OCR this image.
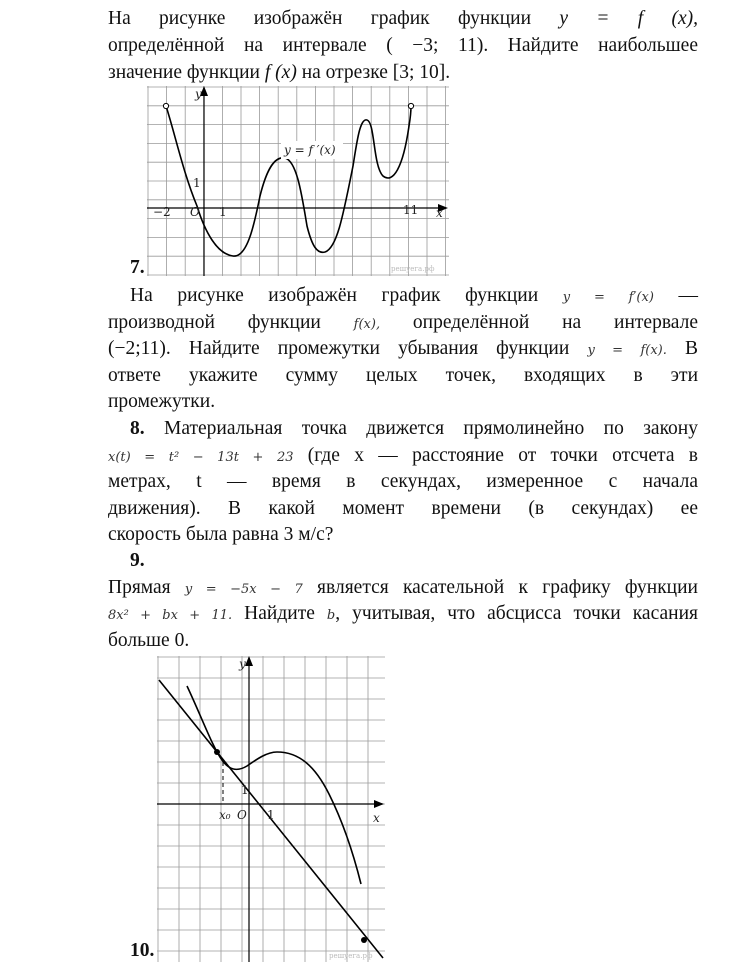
На рисунке изображён график функции y = f (x),
определённой на интервале ( −3; 11). Найдите наибольшее
значение функции f (x) на отрезке [3; 10].
y = f ′(x)
y
x
O
−2	1
1
11
решуега.рф
7.
На рисунке изображён график функции y = f′(x) —
производной функции f(x), определённой на интервале
(−2;11). Найдите промежутки убывания функции y = f(x). В
ответе укажите сумму целых точек, входящих в эти
промежутки.
8. Материальная точка движется прямолинейно по закону
x(t) = t² − 13t + 23 (где x — расстояние от точки отсчета в
метрах, t — время в секундах, измеренное с начала
движения). В какой момент времени (в секундах) ее
скорость была равна 3 м/с?
9.
Прямая y = −5x − 7 является касательной к графику функции
8x² + bx + 11. Найдите b, учитывая, что абсцисса точки касания
больше 0.
y
x
O 1
1
x₀
решуега.рф
10.
